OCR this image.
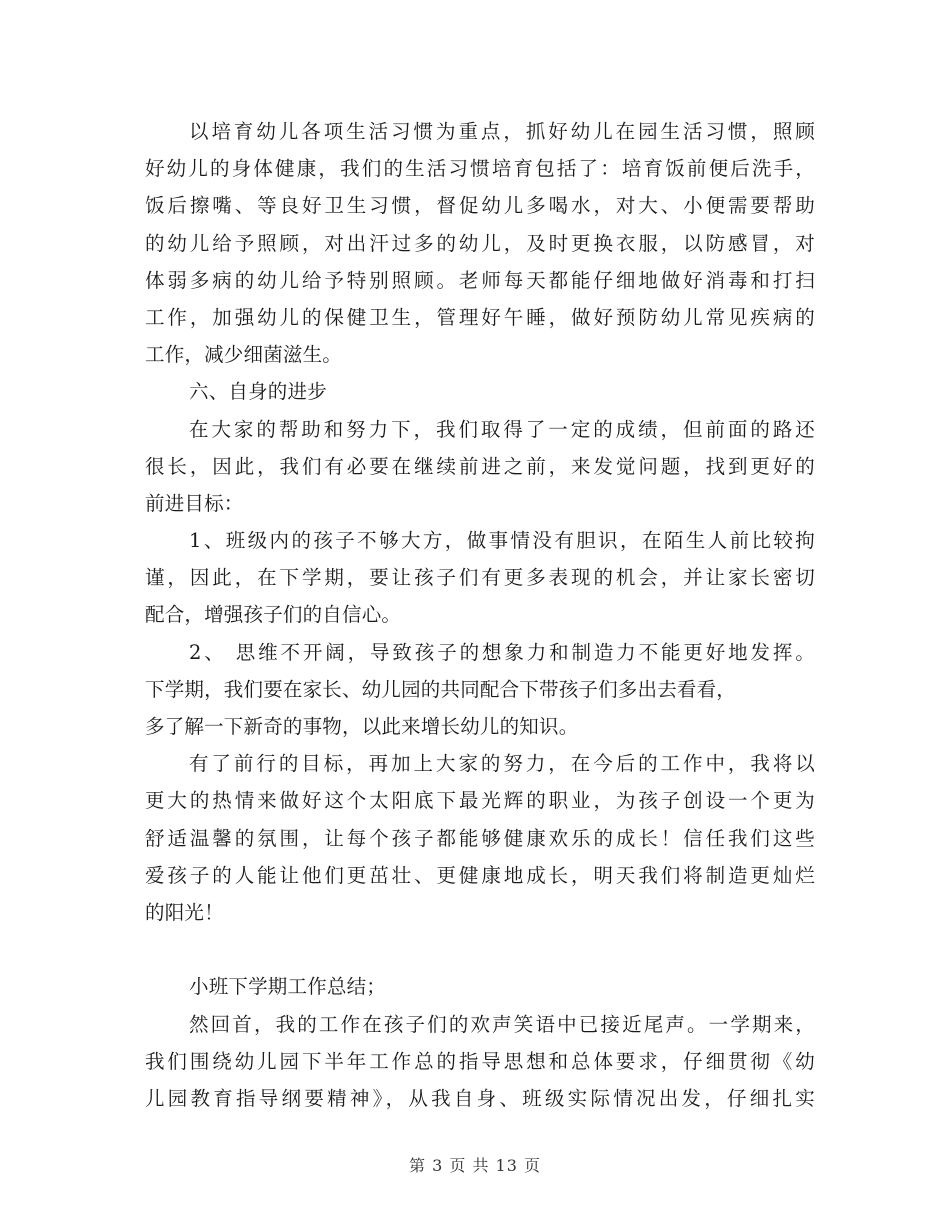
以培育幼儿各项生活习惯为重点，抓好幼儿在园生活习惯，照顾
好幼儿的身体健康，我们的生活习惯培育包括了：培育饭前便后洗手，
饭后擦嘴、等良好卫生习惯，督促幼儿多喝水，对大、小便需要帮助
的幼儿给予照顾，对出汗过多的幼儿，及时更换衣服，以防感冒，对
体弱多病的幼儿给予特别照顾。老师每天都能仔细地做好消毒和打扫
工作，加强幼儿的保健卫生，管理好午睡，做好预防幼儿常见疾病的
工作，减少细菌滋生。
六、自身的进步
在大家的帮助和努力下，我们取得了一定的成绩，但前面的路还
很长，因此，我们有必要在继续前进之前，来发觉问题，找到更好的
前进目标：
1、班级内的孩子不够大方，做事情没有胆识，在陌生人前比较拘
谨，因此，在下学期，要让孩子们有更多表现的机会，并让家长密切
配合，增强孩子们的自信心。
2、 思维不开阔，导致孩子的想象力和制造力不能更好地发挥。
下学期，我们要在家长、幼儿园的共同配合下带孩子们多出去看看，
多了解一下新奇的事物，以此来增长幼儿的知识。
有了前行的目标，再加上大家的努力，在今后的工作中，我将以
更大的热情来做好这个太阳底下最光辉的职业，为孩子创设一个更为
舒适温馨的氛围，让每个孩子都能够健康欢乐的成长！信任我们这些
爱孩子的人能让他们更茁壮、更健康地成长，明天我们将制造更灿烂
的阳光！
小班下学期工作总结；
然回首，我的工作在孩子们的欢声笑语中已接近尾声。一学期来，
我们围绕幼儿园下半年工作总的指导思想和总体要求，仔细贯彻《幼
儿园教育指导纲要精神》，从我自身、班级实际情况出发，仔细扎实
第 3 页 共 13 页
